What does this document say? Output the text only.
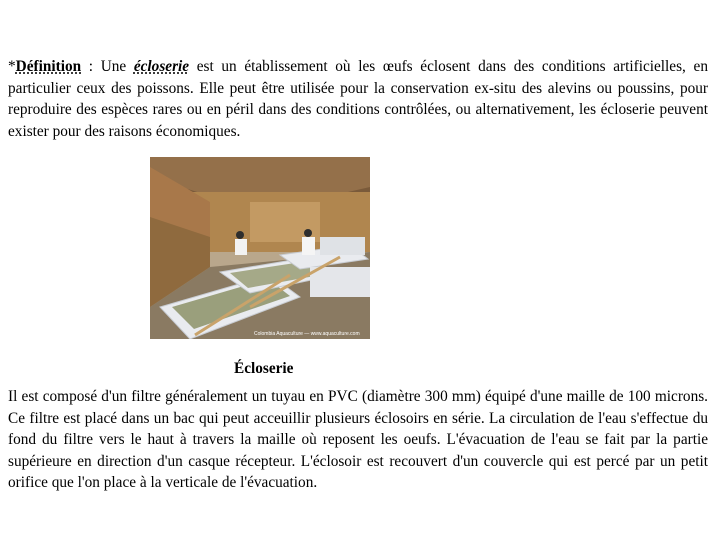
*Définition : Une écloserie est un établissement où les œufs éclosent dans des conditions artificielles, en particulier ceux des poissons. Elle peut être utilisée pour la conservation ex-situ des alevins ou poussins, pour reproduire des espèces rares ou en péril dans des conditions contrôlées, ou alternativement, les écloserie peuvent exister pour des raisons économiques.

Colombia Aquaculture — www.aquaculture.com
Écloserie

Il est composé d'un filtre généralement un tuyau en PVC (diamètre 300 mm) équipé d'une maille de 100 microns. Ce filtre est placé dans un bac qui peut acceuillir plusieurs éclosoirs en série. La circulation de l'eau s'effectue du fond du filtre vers le haut à travers la maille où reposent les oeufs. L'évacuation de l'eau se fait par la partie supérieure en direction d'un casque récepteur. L'éclosoir est recouvert d'un couvercle qui est percé par un petit orifice que l'on place à la verticale de l'évacuation.
